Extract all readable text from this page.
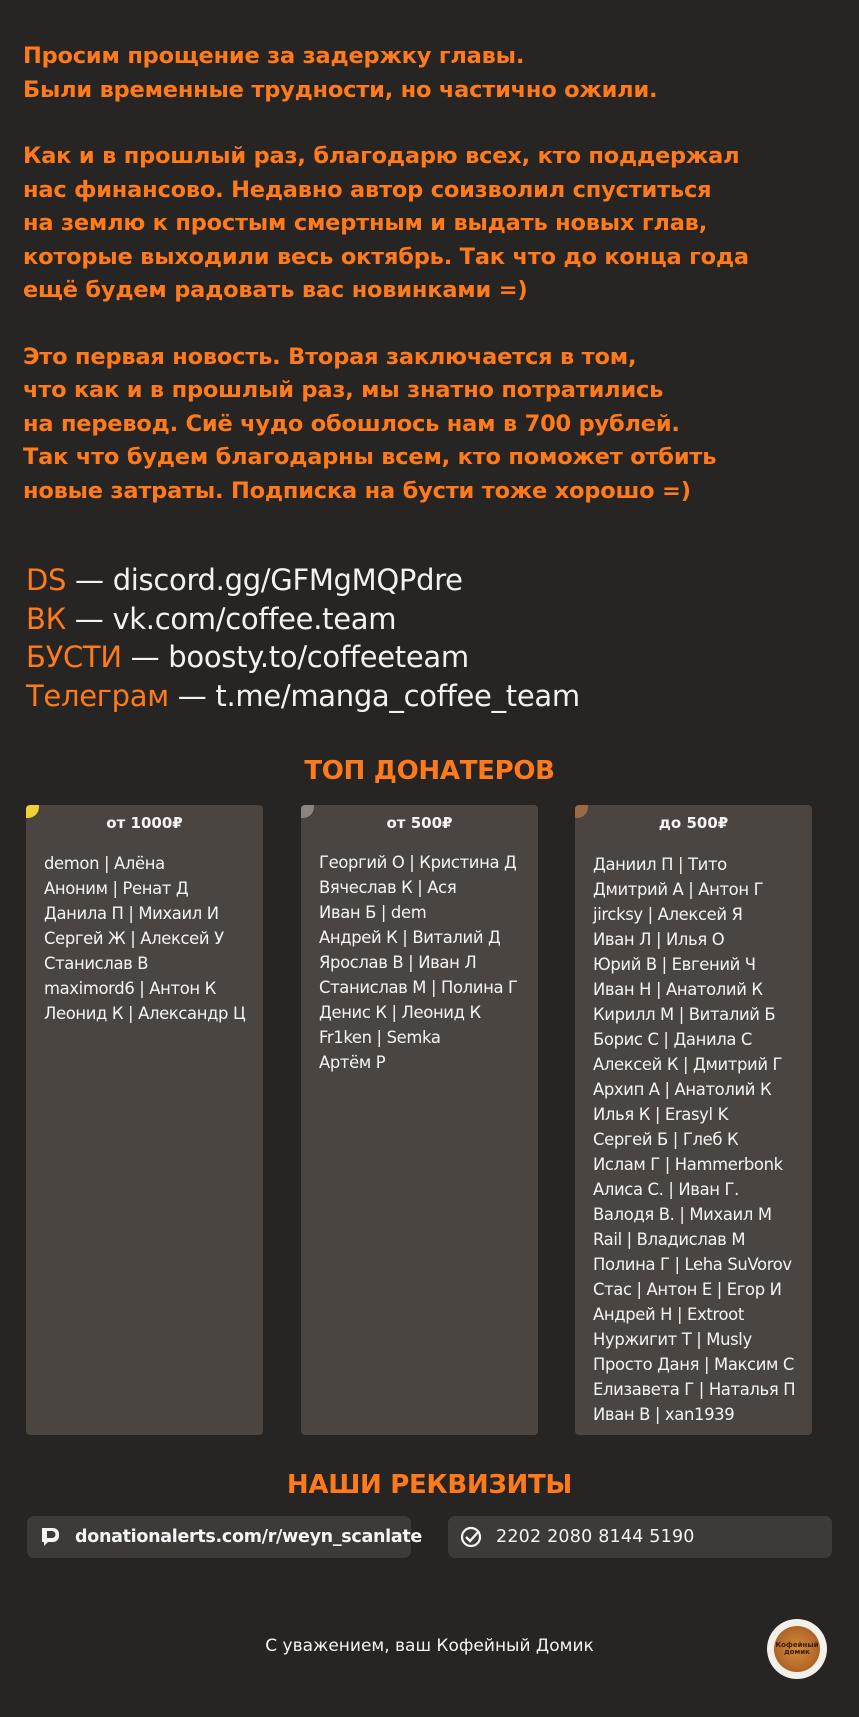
Просим прощение за задержку главы.
Были временные трудности, но частично ожили.

Как и в прошлый раз, благодарю всех, кто поддержал
нас финансово. Недавно автор соизволил спуститься
на землю к простым смертным и выдать новых глав,
которые выходили весь октябрь. Так что до конца года
ещё будем радовать вас новинками =)

Это первая новость. Вторая заключается в том,
что как и в прошлый раз, мы знатно потратились
на перевод. Сиё чудо обошлось нам в 700 рублей.
Так что будем благодарны всем, кто поможет отбить
новые затраты. Подписка на бусти тоже хорошо =)

DS — discord.gg/GFMgMQPdre
ВК — vk.com/coffee.team
БУСТИ — boosty.to/coffeeteam
Телеграм — t.me/manga_coffee_team
ТОП ДОНАТЕРОВ
от 1000₽
demon | Алёна
Аноним | Ренат Д
Данила П | Михаил И
Сергей Ж | Алексей У
Станислав В
maximord6 | Антон К
Леонид К | Александр Ц
от 500₽
Георгий О | Кристина Д
Вячеслав К | Ася
Иван Б | dem
Андрей К | Виталий Д
Ярослав В | Иван Л
Станислав М | Полина Г
Денис К | Леонид К
Fr1ken | Semka
Артём Р
до 500₽
Даниил П | Тито
Дмитрий А | Антон Г
jircksy | Алексей Я
Иван Л | Илья О
Юрий В | Евгений Ч
Иван Н | Анатолий К
Кирилл М | Виталий Б
Борис С | Данила С
Алексей К | Дмитрий Г
Архип А | Анатолий К
Илья К | Erasyl K
Сергей Б | Глеб К
Ислам Г | Hammerbonk
Алиса С. | Иван Г.
Валодя В. | Михаил М
Rail | Владислав М
Полина Г | Leha SuVorov
Стас | Антон Е | Егор И
Андрей Н | Extroot
Нуржигит Т | Musly
Просто Даня | Максим С
Елизавета Г | Наталья П
Иван В | xan1939
НАШИ РЕКВИЗИТЫ
donationalerts.com/r/weyn_scanlate	2202 2080 8144 5190
С уважением, ваш Кофейный Домик	Кофейный домик
